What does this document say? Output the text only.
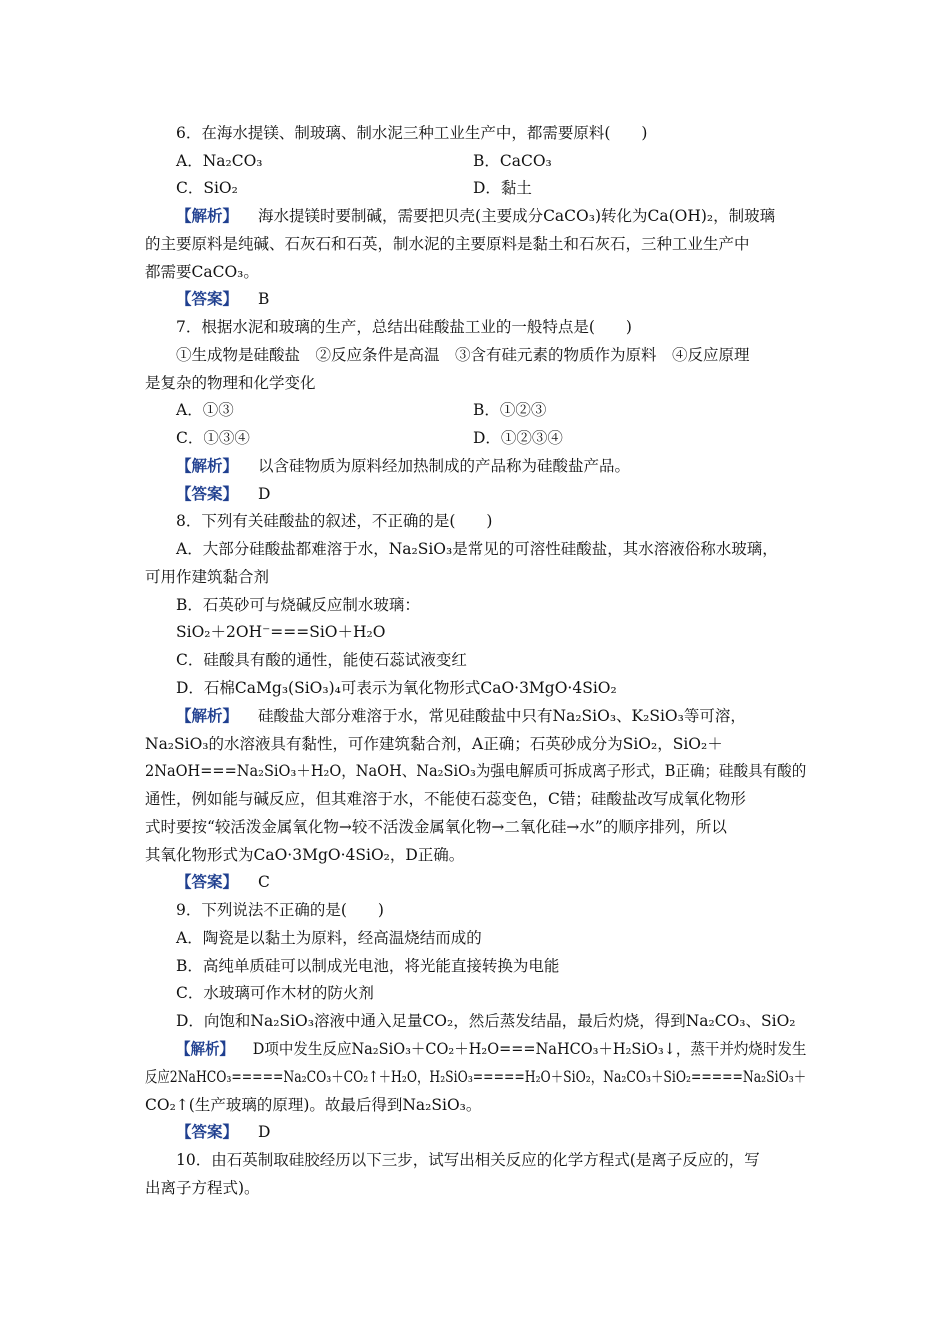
6．在海水提镁、制玻璃、制水泥三种工业生产中，都需要原料(　　)
A．Na₂CO₃	B．CaCO₃
C．SiO₂	D．黏土
【解析】 海水提镁时要制碱，需要把贝壳(主要成分CaCO₃)转化为Ca(OH)₂，制玻璃
的主要原料是纯碱、石灰石和石英，制水泥的主要原料是黏土和石灰石，三种工业生产中
都需要CaCO₃。
【答案】 B
7．根据水泥和玻璃的生产，总结出硅酸盐工业的一般特点是(　　)
①生成物是硅酸盐　②反应条件是高温　③含有硅元素的物质作为原料　④反应原理
是复杂的物理和化学变化
A．①③	B．①②③
C．①③④	D．①②③④
【解析】 以含硅物质为原料经加热制成的产品称为硅酸盐产品。
【答案】 D
8．下列有关硅酸盐的叙述，不正确的是(　　)
A．大部分硅酸盐都难溶于水，Na₂SiO₃是常见的可溶性硅酸盐，其水溶液俗称水玻璃，
可用作建筑黏合剂
B．石英砂可与烧碱反应制水玻璃：
SiO₂＋2OH⁻===SiO＋H₂O
C．硅酸具有酸的通性，能使石蕊试液变红
D．石棉CaMg₃(SiO₃)₄可表示为氧化物形式CaO·3MgO·4SiO₂
【解析】 硅酸盐大部分难溶于水，常见硅酸盐中只有Na₂SiO₃、K₂SiO₃等可溶，
Na₂SiO₃的水溶液具有黏性，可作建筑黏合剂，A正确；石英砂成分为SiO₂，SiO₂＋
2NaOH===Na₂SiO₃＋H₂O，NaOH、Na₂SiO₃为强电解质可拆成离子形式，B正确；硅酸具有酸的
通性，例如能与碱反应，但其难溶于水，不能使石蕊变色，C错；硅酸盐改写成氧化物形
式时要按“较活泼金属氧化物→较不活泼金属氧化物→二氧化硅→水”的顺序排列，所以
其氧化物形式为CaO·3MgO·4SiO₂，D正确。
【答案】 C
9．下列说法不正确的是(　　)
A．陶瓷是以黏土为原料，经高温烧结而成的
B．高纯单质硅可以制成光电池，将光能直接转换为电能
C．水玻璃可作木材的防火剂
D．向饱和Na₂SiO₃溶液中通入足量CO₂，然后蒸发结晶，最后灼烧，得到Na₂CO₃、SiO₂
【解析】 D项中发生反应Na₂SiO₃＋CO₂＋H₂O===NaHCO₃＋H₂SiO₃↓，蒸干并灼烧时发生
反应2NaHCO₃=====Na₂CO₃＋CO₂↑＋H₂O，H₂SiO₃=====H₂O＋SiO₂，Na₂CO₃＋SiO₂=====Na₂SiO₃＋
CO₂↑(生产玻璃的原理)。故最后得到Na₂SiO₃。
【答案】 D
10．由石英制取硅胶经历以下三步，试写出相关反应的化学方程式(是离子反应的，写
出离子方程式)。
